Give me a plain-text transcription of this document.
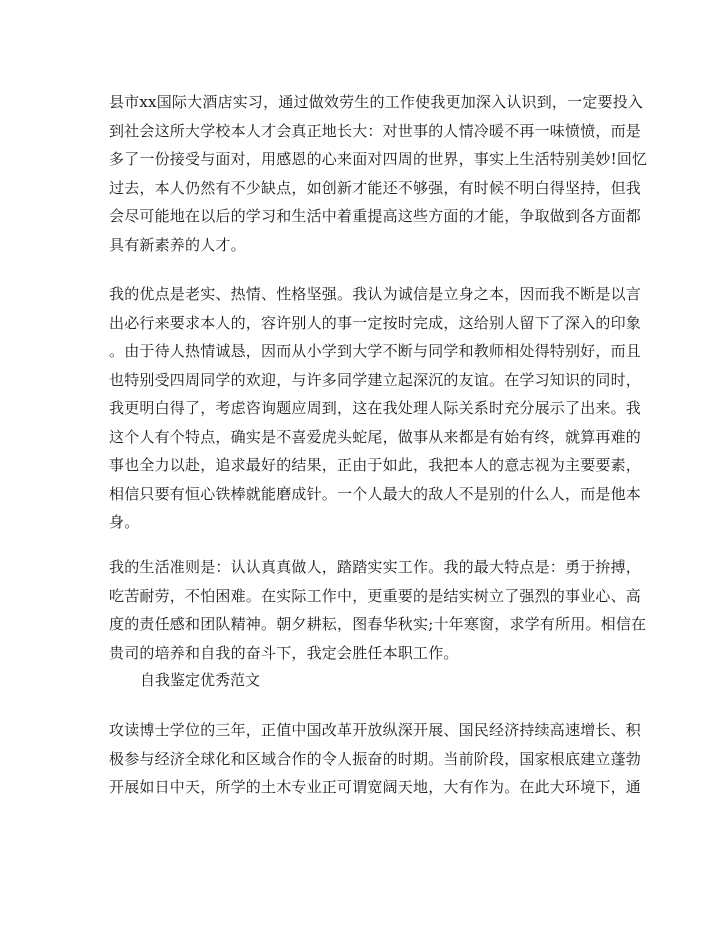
县市xx国际大酒店实习，通过做效劳生的工作使我更加深入认识到，一定要投入
到社会这所大学校本人才会真正地长大：对世事的人情冷暖不再一味愤愤，而是
多了一份接受与面对，用感恩的心来面对四周的世界，事实上生活特别美妙!回忆
过去，本人仍然有不少缺点，如创新才能还不够强，有时候不明白得坚持，但我
会尽可能地在以后的学习和生活中着重提高这些方面的才能，争取做到各方面都
具有新素养的人才。
我的优点是老实、热情、性格坚强。我认为诚信是立身之本，因而我不断是以言
出必行来要求本人的，容许别人的事一定按时完成，这给别人留下了深入的印象
。由于待人热情诚恳，因而从小学到大学不断与同学和教师相处得特别好，而且
也特别受四周同学的欢迎，与许多同学建立起深沉的友谊。在学习知识的同时，
我更明白得了，考虑咨询题应周到，这在我处理人际关系时充分展示了出来。我
这个人有个特点，确实是不喜爱虎头蛇尾，做事从来都是有始有终，就算再难的
事也全力以赴，追求最好的结果，正由于如此，我把本人的意志视为主要要素，
相信只要有恒心铁棒就能磨成针。一个人最大的敌人不是别的什么人，而是他本
身。
我的生活准则是：认认真真做人，踏踏实实工作。我的最大特点是：勇于拚搏，
吃苦耐劳，不怕困难。在实际工作中，更重要的是结实树立了强烈的事业心、高
度的责任感和团队精神。朝夕耕耘，图春华秋实;十年寒窗，求学有所用。相信在
贵司的培养和自我的奋斗下，我定会胜任本职工作。
自我鉴定优秀范文
攻读博士学位的三年，正值中国改革开放纵深开展、国民经济持续高速增长、积
极参与经济全球化和区域合作的令人振奋的时期。当前阶段，国家根底建立蓬勃
开展如日中天，所学的土木专业正可谓宽阔天地，大有作为。在此大环境下，通
